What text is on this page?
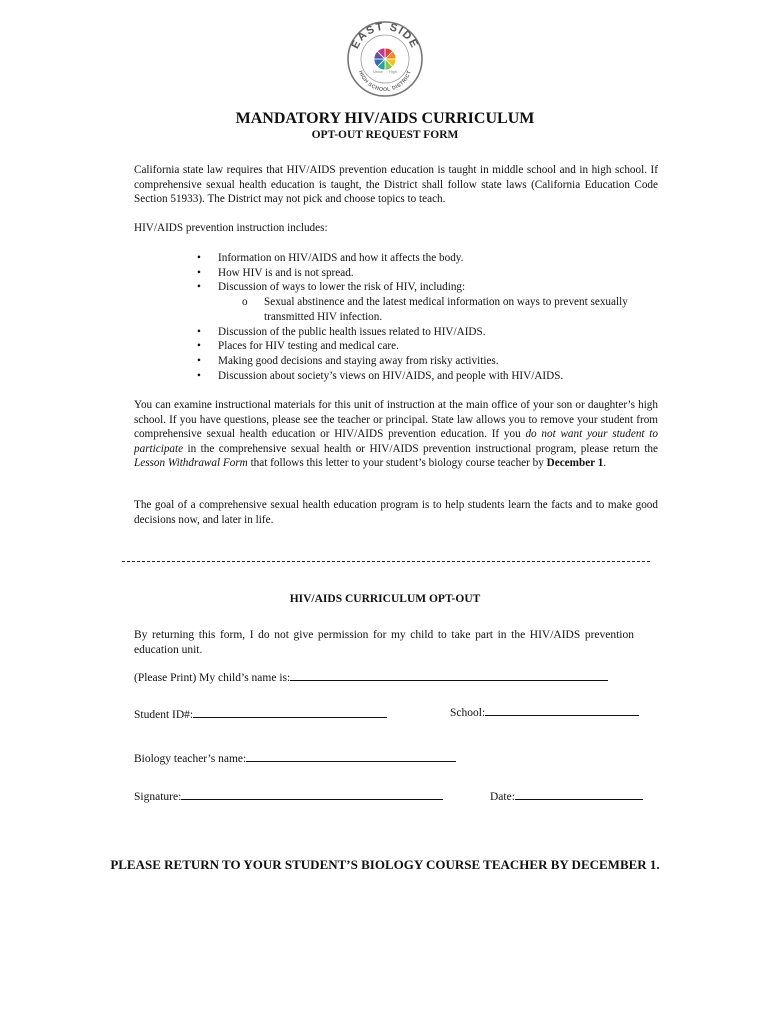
EAST SIDE
HIGH SCHOOL DISTRICT
Union High
MANDATORY HIV/AIDS CURRICULUM
OPT-OUT REQUEST FORM
California state law requires that HIV/AIDS prevention education is taught in middle school and in high school. If comprehensive sexual health education is taught, the District shall follow state laws (California Education Code Section 51933). The District may not pick and choose topics to teach.
HIV/AIDS prevention instruction includes:
• Information on HIV/AIDS and how it affects the body.
• How HIV is and is not spread.
• Discussion of ways to lower the risk of HIV, including:
o Sexual abstinence and the latest medical information on ways to prevent sexually
transmitted HIV infection.
• Discussion of the public health issues related to HIV/AIDS.
• Places for HIV testing and medical care.
• Making good decisions and staying away from risky activities.
• Discussion about society’s views on HIV/AIDS, and people with HIV/AIDS.
You can examine instructional materials for this unit of instruction at the main office of your son or daughter’s high school. If you have questions, please see the teacher or principal. State law allows you to remove your student from comprehensive sexual health education or HIV/AIDS prevention education. If you do not want your student to participate in the comprehensive sexual health or HIV/AIDS prevention instructional program, please return the Lesson Withdrawal Form that follows this letter to your student’s biology course teacher by December 1.
The goal of a comprehensive sexual health education program is to help students learn the facts and to make good decisions now, and later in life.
HIV/AIDS CURRICULUM OPT-OUT
By returning this form, I do not give permission for my child to take part in the HIV/AIDS prevention education unit.
(Please Print) My child’s name is:
Student ID#:	School:
Biology teacher’s name:
Signature:	Date:
PLEASE RETURN TO YOUR STUDENT’S BIOLOGY COURSE TEACHER BY DECEMBER 1.
